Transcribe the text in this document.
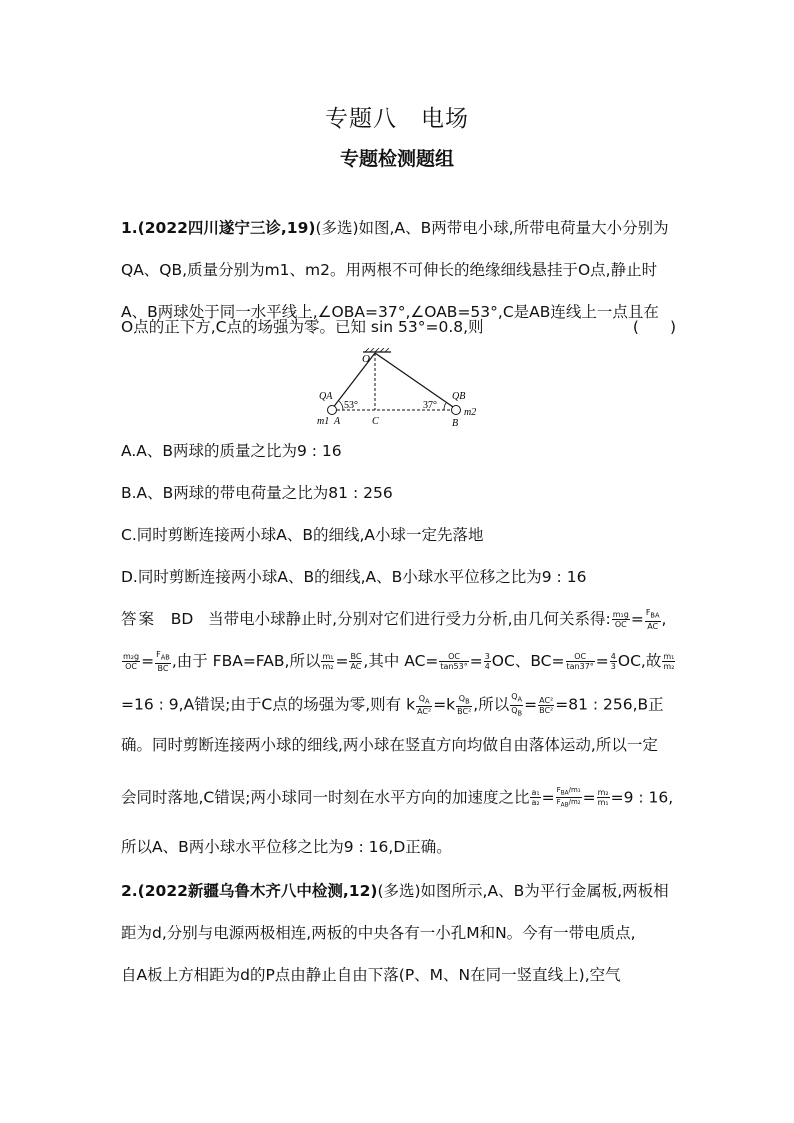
专题八　电场
专题检测题组
1.(2022四川遂宁三诊,19)(多选)如图,A、B两带电小球,所带电荷量大小分别为
QA、QB,质量分别为m1、m2。用两根不可伸长的绝缘细线悬挂于O点,静止时
A、B两球处于同一水平线上,∠OBA=37°,∠OAB=53°,C是AB连线上一点且在
O点的正下方,C点的场强为零。已知 sin 53°=0.8,则	(　　)
O
QA	QB
53°	37°
m1 A	C	B
m2
A.A、B两球的质量之比为9 : 16
B.A、B两球的带电荷量之比为81 : 256
C.同时剪断连接两小球A、B的细线,A小球一定先落地
D.同时剪断连接两小球A、B的细线,A、B小球水平位移之比为9 : 16
答案 BD 当带电小球静止时,分别对它们进行受力分析,由几何关系得: $\frac{\text{m₁g}}{OC} = \frac{F_{BA}}{AC}$ ,
$\frac{\text{m₂g}}{OC} = \frac{F_{AB}}{BC}$ ,由于 FBA=FAB,所以 $\frac{\text{m₁}}{\text{m₂}} = \frac{BC}{AC}$ ,其中 $AC= \frac{OC}{\tan 53^\circ} = \frac{3}{4}$ OC、$BC= \frac{OC}{\tan 37^\circ} = \frac{4}{3}$ OC,故 $\frac{\text{m₁}}{\text{m₂}}$
=16 : 9,A错误;由于C点的场强为零,则有 k $\frac{Q_A}{\text{AC²}} =k \frac{Q_B}{\text{BC²}}$ ,所以 $\frac{Q_A}{Q_B} = \frac{\text{AC²}}{\text{BC²}} =81$ : 256,B正
确。同时剪断连接两小球的细线,两小球在竖直方向均做自由落体运动,所以一定
会同时落地,C错误;两小球同一时刻在水平方向的加速度之比 $\frac{\text{a₁}}{\text{a₂}} = \frac{F_{BA}/m_1}{F_{AB}/m_2} = \frac{\text{m₂}}{\text{m₁}} =9$ : 16,
所以A、B两小球水平位移之比为9 : 16,D正确。
2.(2022新疆乌鲁木齐八中检测,12)(多选)如图所示,A、B为平行金属板,两板相
距为d,分别与电源两极相连,两板的中央各有一小孔M和N。今有一带电质点,
自A板上方相距为d的P点由静止自由下落(P、M、N在同一竖直线上),空气
